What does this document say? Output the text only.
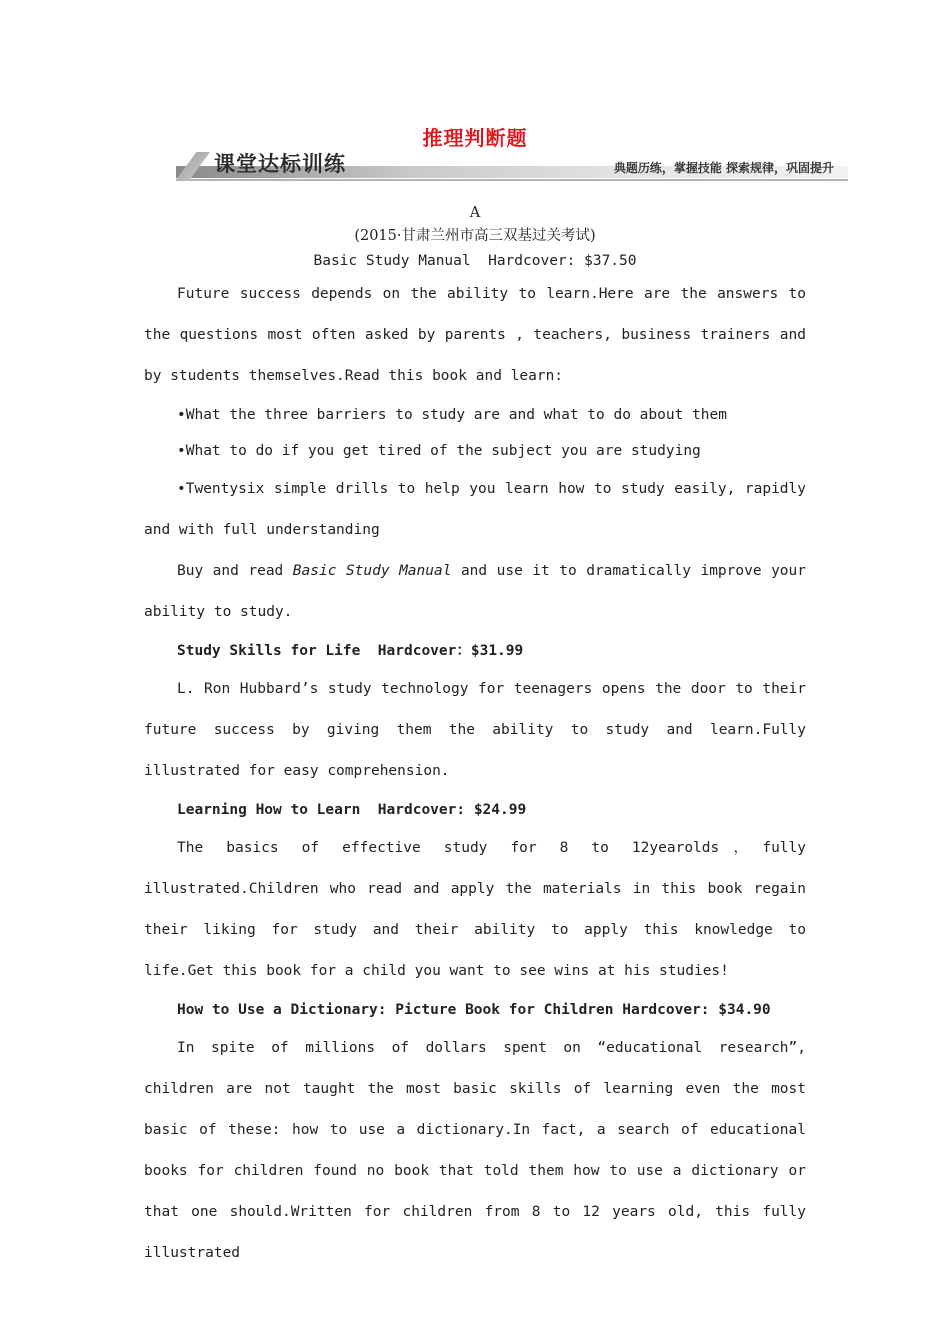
推理判断题
课堂达标训练	典题历练，掌握技能 探索规律，巩固提升
A
(2015·甘肃兰州市高三双基过关考试)
Basic Study Manual Hardcover: $37.50

Future success depends on the ability to learn.Here are the answers to the questions most often asked by parents , teachers, business trainers and by students themselves.Read this book and learn:

•What the three barriers to study are and what to do about them

•What to do if you get tired of the subject you are studying

•Twentysix simple drills to help you learn how to study easily, rapidly and with full understanding

Buy and read Basic Study Manual and use it to dramatically improve your ability to study.

Study Skills for Life Hardcover：$31.99

L. Ron Hubbard’s study technology for teenagers opens the door to their future success by giving them the ability to study and learn.Fully illustrated for easy comprehension.

Learning How to Learn Hardcover: $24.99

The basics of effective study for 8 to 12yearolds，fully illustrated.Children who read and apply the materials in this book regain their liking for study and their ability to apply this knowledge to life.Get this book for a child you want to see wins at his studies!

How to Use a Dictionary: Picture Book for Children Hardcover: $34.90

In spite of millions of dollars spent on “educational research”, children are not taught the most basic skills of learning even the most basic of these: how to use a dictionary.In fact, a search of educational books for children found no book that told them how to use a dictionary or that one should.Written for children from 8 to 12 years old, this fully illustrated
